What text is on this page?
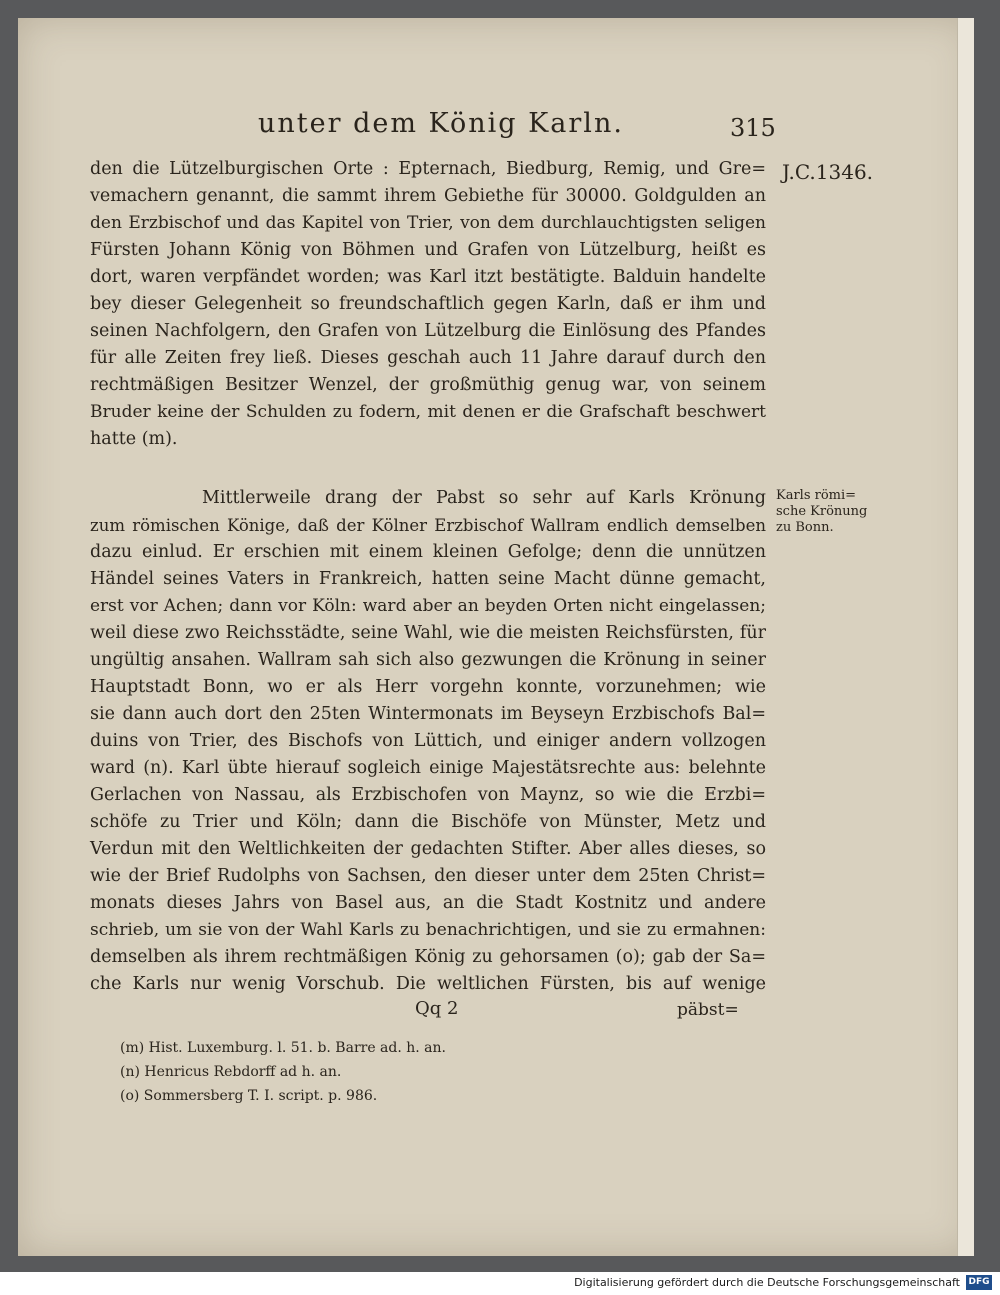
unter dem König Karln.	315
J.C.1346.
Karls römi=
sche Krönung
zu Bonn.
den die Lützelburgischen Orte : Epternach, Biedburg, Remig, und Gre=
vemachern genannt, die sammt ihrem Gebiethe für 30000. Goldgulden an
den Erzbischof und das Kapitel von Trier, von dem durchlauchtigsten seligen
Fürsten Johann König von Böhmen und Grafen von Lützelburg, heißt es
dort, waren verpfändet worden; was Karl itzt bestätigte. Balduin handelte
bey dieser Gelegenheit so freundschaftlich gegen Karln, daß er ihm und
seinen Nachfolgern, den Grafen von Lützelburg die Einlösung des Pfandes
für alle Zeiten frey ließ. Dieses geschah auch 11 Jahre darauf durch den
rechtmäßigen Besitzer Wenzel, der großmüthig genug war, von seinem
Bruder keine der Schulden zu fodern, mit denen er die Grafschaft beschwert
hatte (m).
Mittlerweile drang der Pabst so sehr auf Karls Krönung
zum römischen Könige, daß der Kölner Erzbischof Wallram endlich demselben
dazu einlud. Er erschien mit einem kleinen Gefolge; denn die unnützen
Händel seines Vaters in Frankreich, hatten seine Macht dünne gemacht,
erst vor Achen; dann vor Köln: ward aber an beyden Orten nicht eingelassen;
weil diese zwo Reichsstädte, seine Wahl, wie die meisten Reichsfürsten, für
ungültig ansahen. Wallram sah sich also gezwungen die Krönung in seiner
Hauptstadt Bonn, wo er als Herr vorgehn konnte, vorzunehmen; wie
sie dann auch dort den 25ten Wintermonats im Beyseyn Erzbischofs Bal=
duins von Trier, des Bischofs von Lüttich, und einiger andern vollzogen
ward (n). Karl übte hierauf sogleich einige Majestätsrechte aus: belehnte
Gerlachen von Nassau, als Erzbischofen von Maynz, so wie die Erzbi=
schöfe zu Trier und Köln; dann die Bischöfe von Münster, Metz und
Verdun mit den Weltlichkeiten der gedachten Stifter. Aber alles dieses, so
wie der Brief Rudolphs von Sachsen, den dieser unter dem 25ten Christ=
monats dieses Jahrs von Basel aus, an die Stadt Kostnitz und andere
schrieb, um sie von der Wahl Karls zu benachrichtigen, und sie zu ermahnen:
demselben als ihrem rechtmäßigen König zu gehorsamen (o); gab der Sa=
che Karls nur wenig Vorschub. Die weltlichen Fürsten, bis auf wenige
Qq 2	päbst=
(m) Hist. Luxemburg. l. 51. b. Barre ad. h. an.
(n) Henricus Rebdorff ad h. an.
(o) Sommersberg T. I. script. p. 986.
Digitalisierung gefördert durch die Deutsche Forschungsgemeinschaft DFG
